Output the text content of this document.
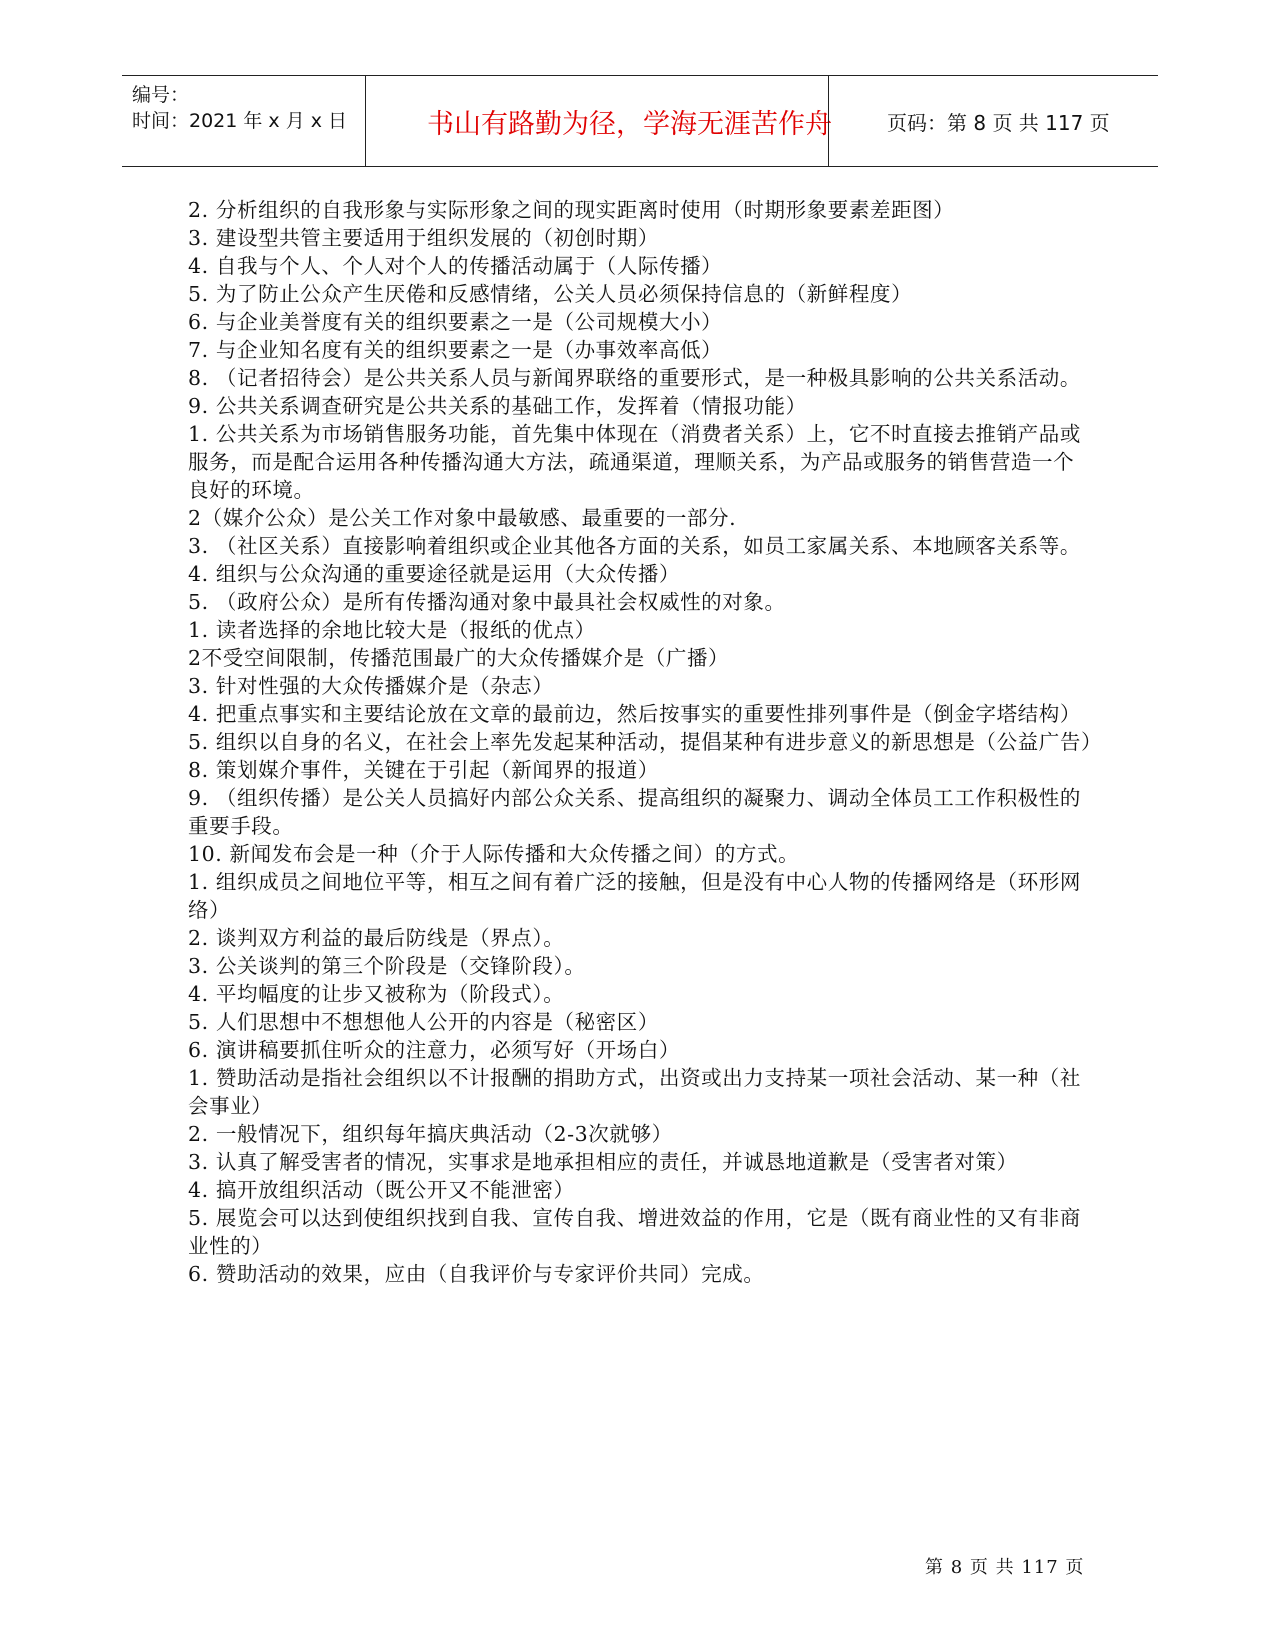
编号：
时间：2021 年 x 月 x 日	书山有路勤为径，学海无涯苦作舟	页码：第 8 页 共 117 页

2. 分析组织的自我形象与实际形象之间的现实距离时使用（时期形象要素差距图）

3. 建设型共管主要适用于组织发展的（初创时期）

4. 自我与个人、个人对个人的传播活动属于（人际传播）

5. 为了防止公众产生厌倦和反感情绪，公关人员必须保持信息的（新鲜程度）

6. 与企业美誉度有关的组织要素之一是（公司规模大小）

7. 与企业知名度有关的组织要素之一是（办事效率高低）

8. （记者招待会）是公共关系人员与新闻界联络的重要形式，是一种极具影响的公共关系活动。

9. 公共关系调查研究是公共关系的基础工作，发挥着（情报功能）

1. 公共关系为市场销售服务功能，首先集中体现在（消费者关系）上，它不时直接去推销产品或服务，而是配合运用各种传播沟通大方法，疏通渠道，理顺关系，为产品或服务的销售营造一个良好的环境。

2（媒介公众）是公关工作对象中最敏感、最重要的一部分.

3. （社区关系）直接影响着组织或企业其他各方面的关系，如员工家属关系、本地顾客关系等。

4. 组织与公众沟通的重要途径就是运用（大众传播）

5. （政府公众）是所有传播沟通对象中最具社会权威性的对象。

1. 读者选择的余地比较大是（报纸的优点）

2不受空间限制，传播范围最广的大众传播媒介是（广播）

3. 针对性强的大众传播媒介是（杂志）

4. 把重点事实和主要结论放在文章的最前边，然后按事实的重要性排列事件是（倒金字塔结构）

5. 组织以自身的名义，在社会上率先发起某种活动，提倡某种有进步意义的新思想是（公益广告）

8. 策划媒介事件，关键在于引起（新闻界的报道）

9. （组织传播）是公关人员搞好内部公众关系、提高组织的凝聚力、调动全体员工工作积极性的重要手段。

10. 新闻发布会是一种（介于人际传播和大众传播之间）的方式。

1. 组织成员之间地位平等，相互之间有着广泛的接触，但是没有中心人物的传播网络是（环形网络）

2. 谈判双方利益的最后防线是（界点）。

3. 公关谈判的第三个阶段是（交锋阶段）。

4. 平均幅度的让步又被称为（阶段式）。

5. 人们思想中不想想他人公开的内容是（秘密区）

6. 演讲稿要抓住听众的注意力，必须写好（开场白）

1. 赞助活动是指社会组织以不计报酬的捐助方式，出资或出力支持某一项社会活动、某一种（社会事业）

2. 一般情况下，组织每年搞庆典活动（2-3次就够）

3. 认真了解受害者的情况，实事求是地承担相应的责任，并诚恳地道歉是（受害者对策）

4. 搞开放组织活动（既公开又不能泄密）

5. 展览会可以达到使组织找到自我、宣传自我、增进效益的作用，它是（既有商业性的又有非商业性的）

6. 赞助活动的效果，应由（自我评价与专家评价共同）完成。

第 8 页 共 117 页
